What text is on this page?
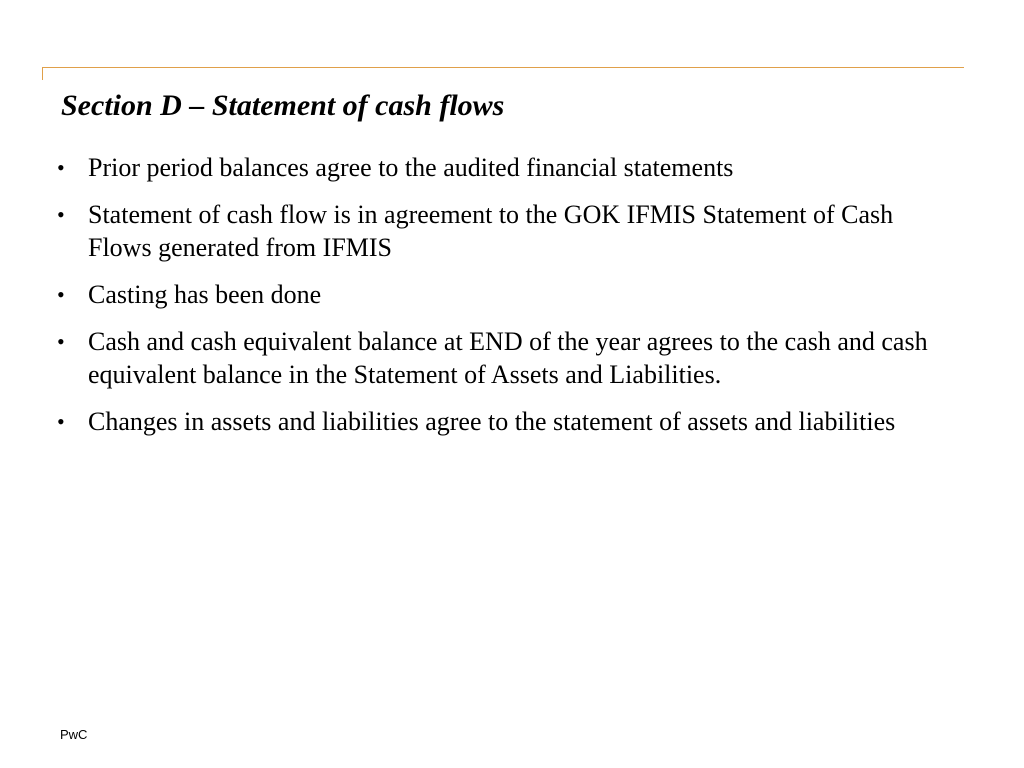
Section D – Statement of cash flows
• Prior period balances agree to the audited financial statements
• Statement of cash flow is in agreement to the GOK IFMIS Statement of Cash Flows generated from IFMIS
• Casting has been done
• Cash and cash equivalent balance at END of the year agrees to the cash and cash equivalent balance in the Statement of Assets and Liabilities.
• Changes in assets and liabilities agree to the statement of assets and liabilities
PwC
